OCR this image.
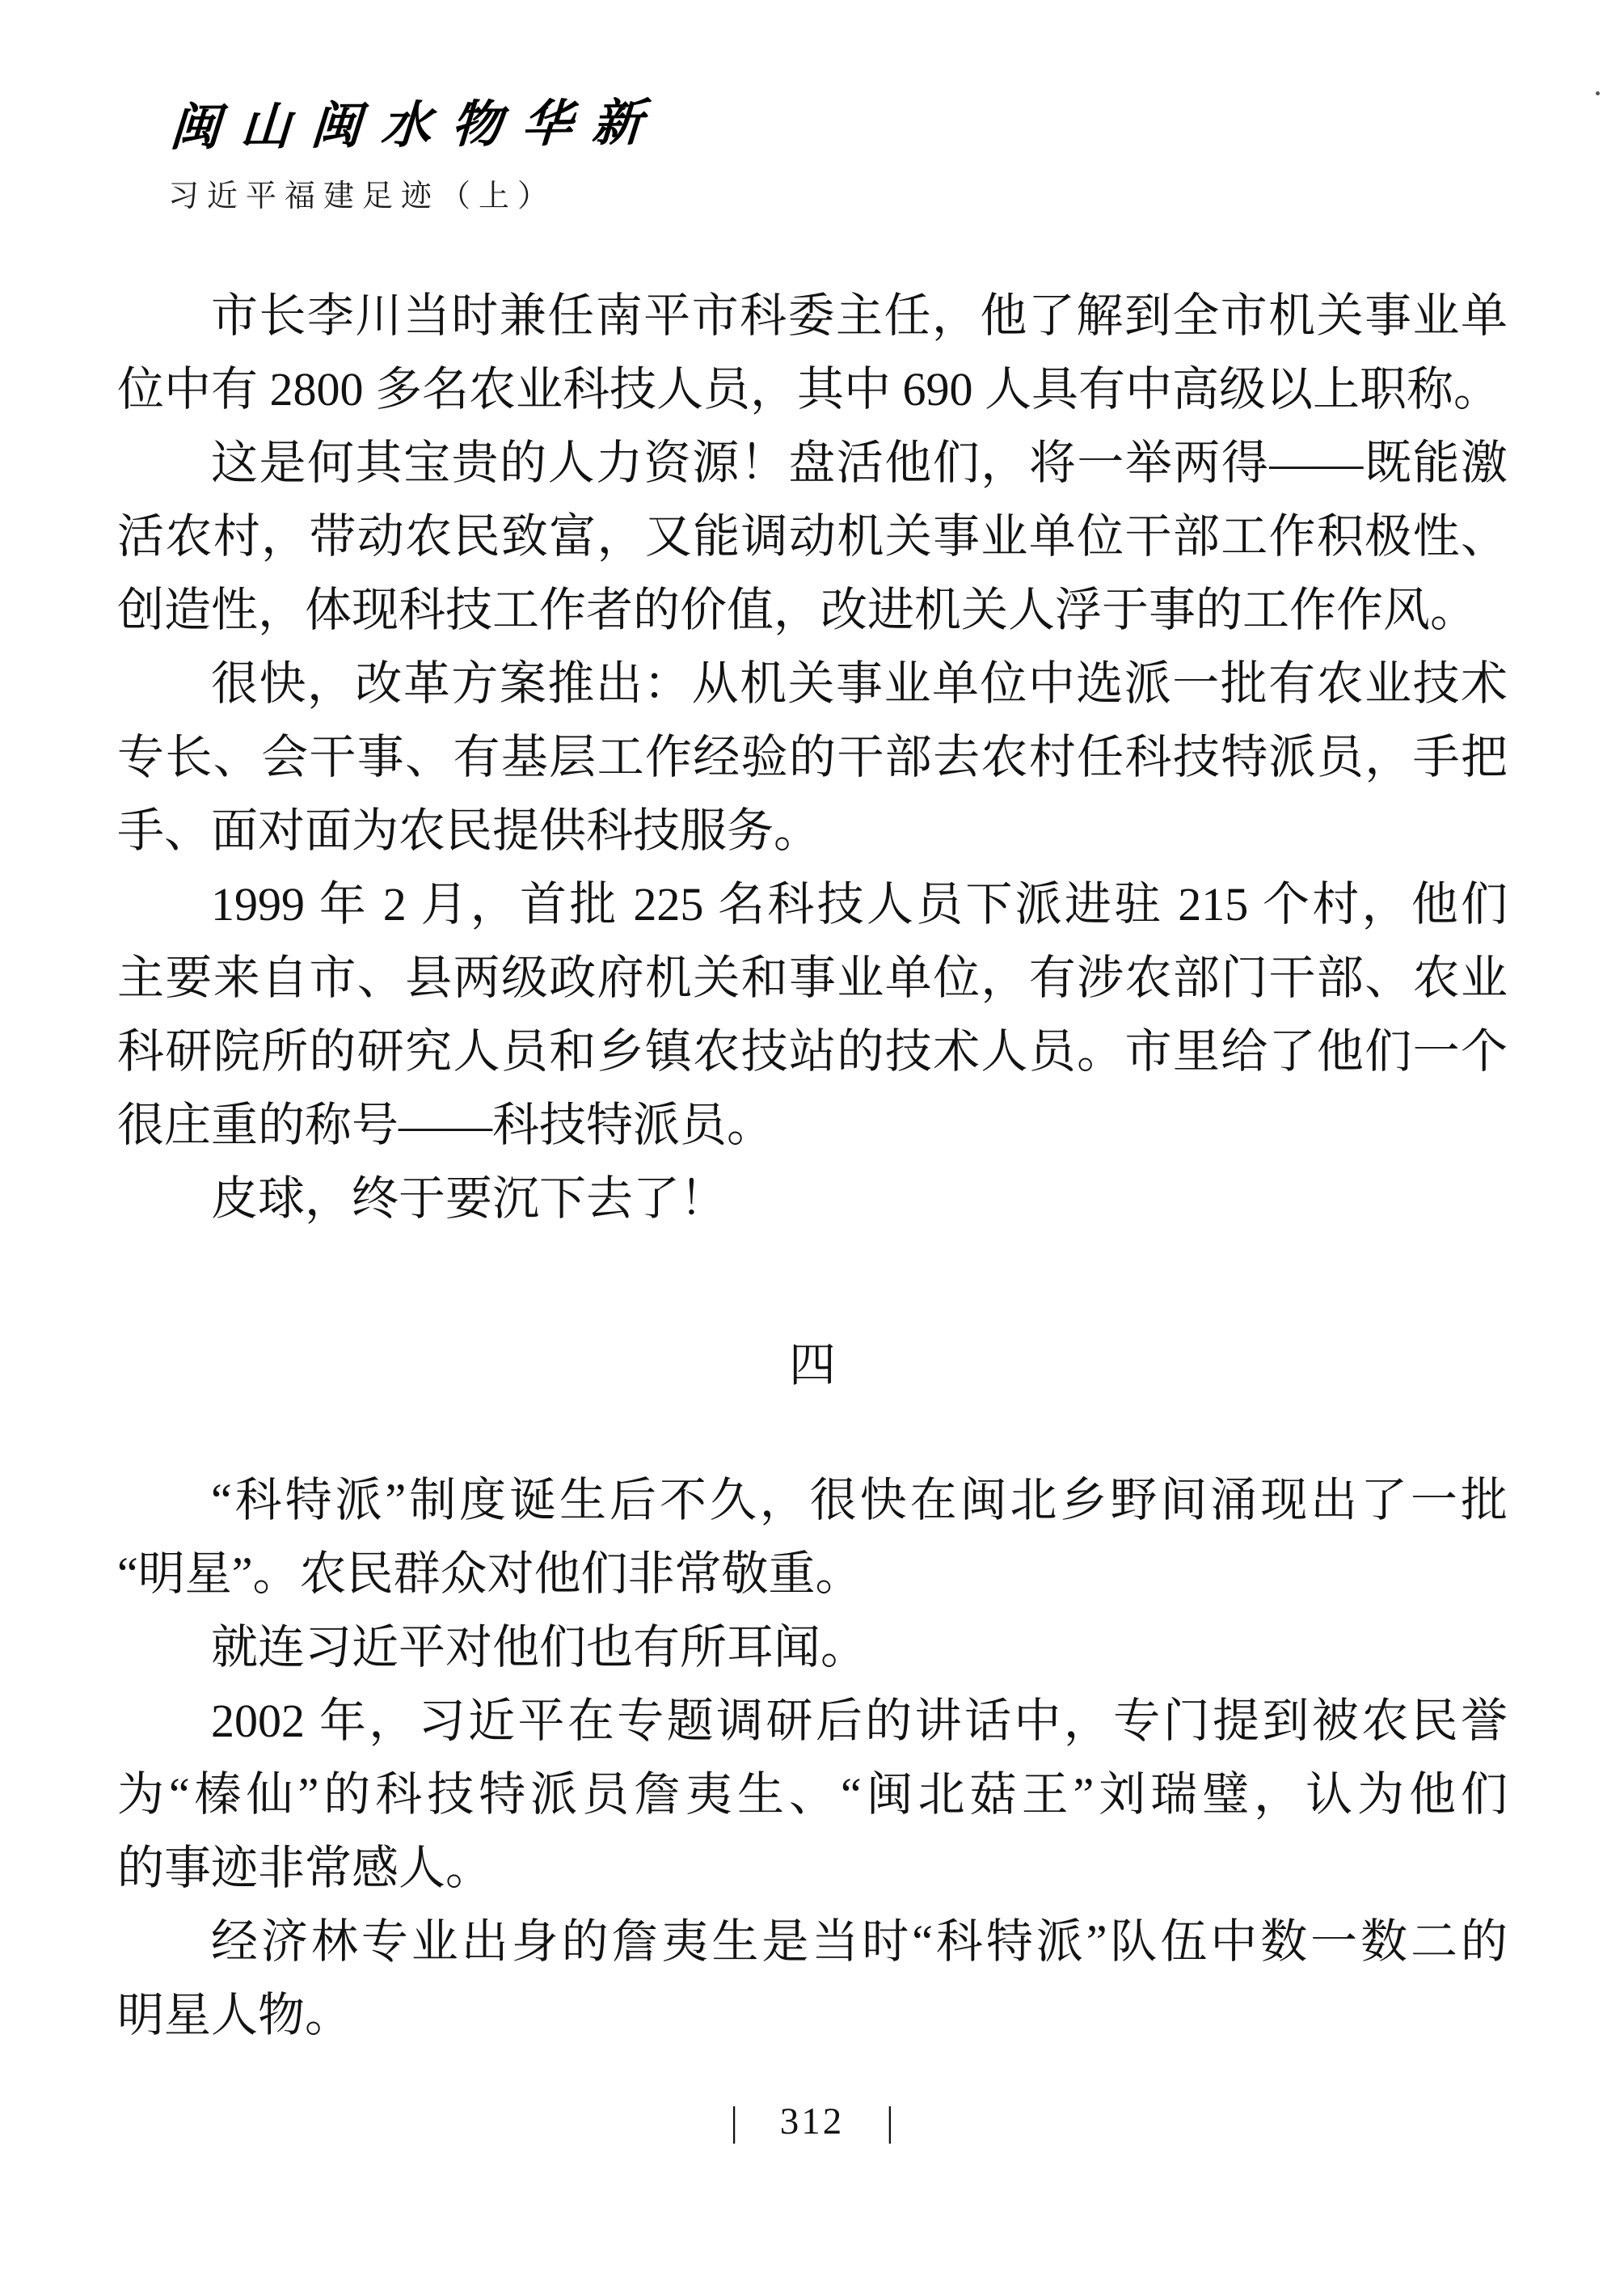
闽山闽水物华新
习近平福建足迹（上）
市长李川当时兼任南平市科委主任，他了解到全市机关事业单
位中有 2800 多名农业科技人员，其中 690 人具有中高级以上职称。
这是何其宝贵的人力资源！盘活他们，将一举两得——既能激
活农村，带动农民致富，又能调动机关事业单位干部工作积极性、
创造性，体现科技工作者的价值，改进机关人浮于事的工作作风。
很快，改革方案推出：从机关事业单位中选派一批有农业技术
专长、会干事、有基层工作经验的干部去农村任科技特派员，手把
手、面对面为农民提供科技服务。
1999 年 2 月，首批 225 名科技人员下派进驻 215 个村，他们
主要来自市、县两级政府机关和事业单位，有涉农部门干部、农业
科研院所的研究人员和乡镇农技站的技术人员。市里给了他们一个
很庄重的称号——科技特派员。
皮球，终于要沉下去了！
四
“科特派”制度诞生后不久，很快在闽北乡野间涌现出了一批
“明星”。农民群众对他们非常敬重。
就连习近平对他们也有所耳闻。
2002 年，习近平在专题调研后的讲话中，专门提到被农民誉
为“榛仙”的科技特派员詹夷生、“闽北菇王”刘瑞璧，认为他们
的事迹非常感人。
经济林专业出身的詹夷生是当时“科特派”队伍中数一数二的
明星人物。
| 312 |
